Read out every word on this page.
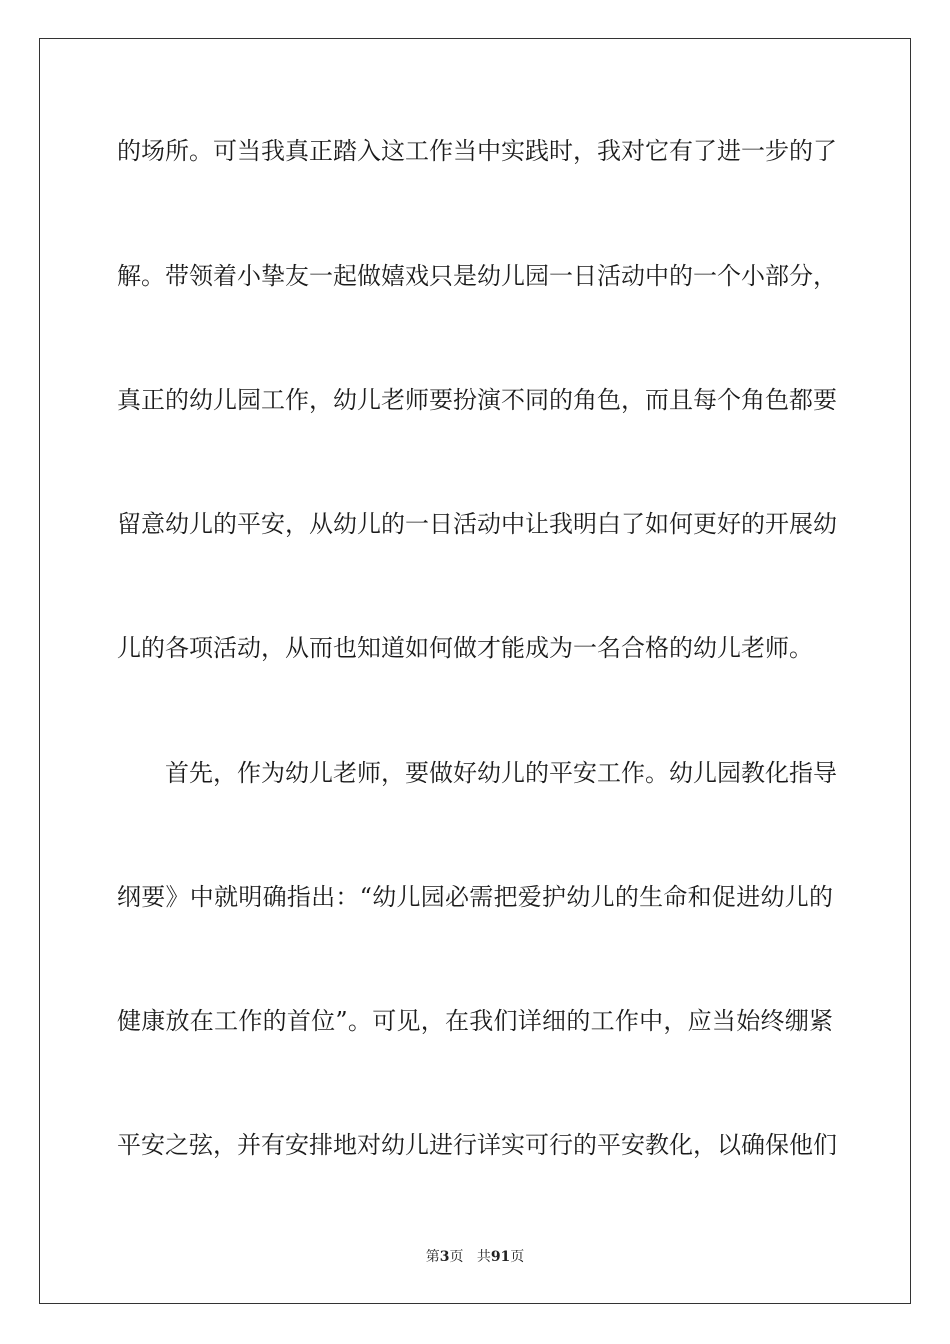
的场所。可当我真正踏入这工作当中实践时，我对它有了进一步的了
解。带领着小挚友一起做嬉戏只是幼儿园一日活动中的一个小部分，
真正的幼儿园工作，幼儿老师要扮演不同的角色，而且每个角色都要
留意幼儿的平安，从幼儿的一日活动中让我明白了如何更好的开展幼
儿的各项活动，从而也知道如何做才能成为一名合格的幼儿老师。
首先，作为幼儿老师，要做好幼儿的平安工作。幼儿园教化指导
纲要》中就明确指出：“幼儿园必需把爱护幼儿的生命和促进幼儿的
健康放在工作的首位”。可见，在我们详细的工作中，应当始终绷紧
平安之弦，并有安排地对幼儿进行详实可行的平安教化，以确保他们
第3页 共91页
